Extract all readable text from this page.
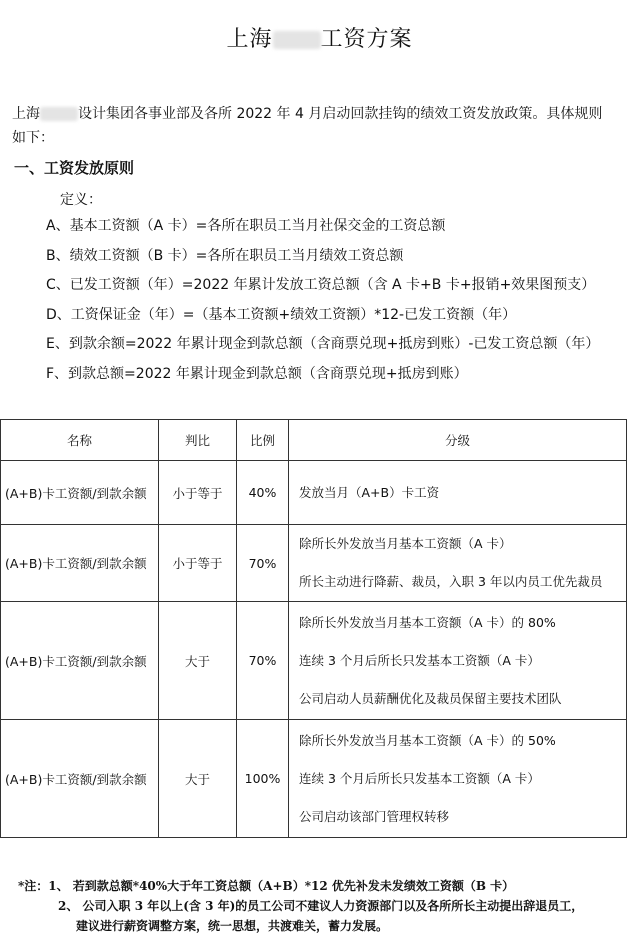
上海 工资方案
上海	设计集团各事业部及各所 2022 年 4 月启动回款挂钩的绩效工资发放政策。具体规则如下：
一、工资发放原则
定义：
A、基本工资额（A 卡）=各所在职员工当月社保交金的工资总额
B、绩效工资额（B 卡）=各所在职员工当月绩效工资总额
C、已发工资额（年）=2022 年累计发放工资总额（含 A 卡+B 卡+报销+效果图预支）
D、工资保证金（年）=（基本工资额+绩效工资额）*12-已发工资额（年）
E、到款余额=2022 年累计现金到款总额（含商票兑现+抵房到账）-已发工资总额（年）
F、到款总额=2022 年累计现金到款总额（含商票兑现+抵房到账）
名称	判比	比例	分级
(A+B)卡工资额/到款余额	小于等于	40%	发放当月（A+B）卡工资

(A+B)卡工资额/到款余额	小于等于	70%	除所长外发放当月基本工资额（A 卡）
所长主动进行降薪、裁员，入职 3 年以内员工优先裁员

(A+B)卡工资额/到款余额	大于	70%	除所长外发放当月基本工资额（A 卡）的 80%
连续 3 个月后所长只发基本工资额（A 卡）
公司启动人员薪酬优化及裁员保留主要技术团队

(A+B)卡工资额/到款余额	大于	100%	除所长外发放当月基本工资额（A 卡）的 50%
连续 3 个月后所长只发基本工资额（A 卡）
公司启动该部门管理权转移
*注：1、 若到款总额*40%大于年工资总额（A+B）*12 优先补发未发绩效工资额（B 卡）
2、 公司入职 3 年以上(含 3 年)的员工公司不建议人力资源部门以及各所所长主动提出辞退员工，
建议进行薪资调整方案，统一思想，共渡难关，蓄力发展。
